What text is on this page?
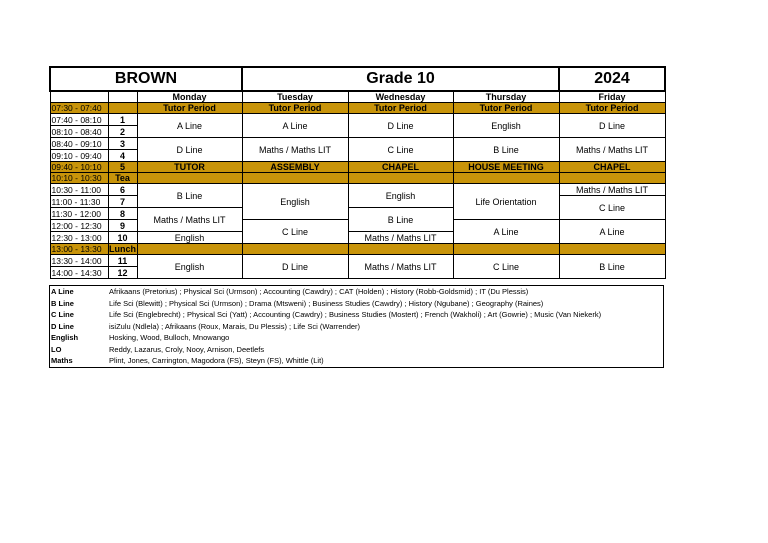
BROWN			Grade 10			2024
		Monday	Tuesday	Wednesday	Thursday	Friday
07:30 - 07:40		Tutor Period	Tutor Period	Tutor Period	Tutor Period	Tutor Period
07:40 - 08:10	1	A Line	A Line	D Line	English	D Line
08:10 - 08:40	2					
08:40 - 09:10	3	D Line	Maths / Maths LIT	C Line	B Line	Maths / Maths LIT
09:10 - 09:40	4					
09:40 - 10:10	5	TUTOR	ASSEMBLY	CHAPEL	HOUSE MEETING	CHAPEL
10:10 - 10:30	Tea					
10:30 - 11:00	6	B Line	English	English	Life Orientation	Maths / Maths LIT
11:00 - 11:30	7					C Line
11:30 - 12:00	8	Maths / Maths LIT		B Line		
12:00 - 12:30	9		C Line		A Line	A Line
12:30 - 13:00	10	English		Maths / Maths LIT		
13:00 - 13:30	Lunch					
13:30 - 14:00	11	English	D Line	Maths / Maths LIT	C Line	B Line
14:00 - 14:30	12					
A Line	Afrikaans (Pretorius) ; Physical Sci (Urmson) ; Accounting (Cawdry) ; CAT (Holden) ; History (Robb-Goldsmid) ; IT (Du Plessis)
B Line	Life Sci (Blewitt) ; Physical Sci (Urmson) ; Drama (Mtsweni) ; Business Studies (Cawdry) ; History (Ngubane) ; Geography (Raines)
C Line	Life Sci (Englebrecht) ; Physical Sci (Yatt) ; Accounting (Cawdry) ; Business Studies (Mostert) ; French (Wakholi) ; Art (Gowrie) ; Music (Van Niekerk)
D Line	isiZulu (Ndlela) ; Afrikaans (Roux, Marais, Du Plessis) ; Life Sci (Warrender)
English	Hosking, Wood, Bulloch, Mnowango
LO	Reddy, Lazarus, Croly, Nooy, Arnison, Deetlefs
Maths	Plint, Jones, Carrington, Magodora (FS), Steyn (FS), Whittle (Lit)
